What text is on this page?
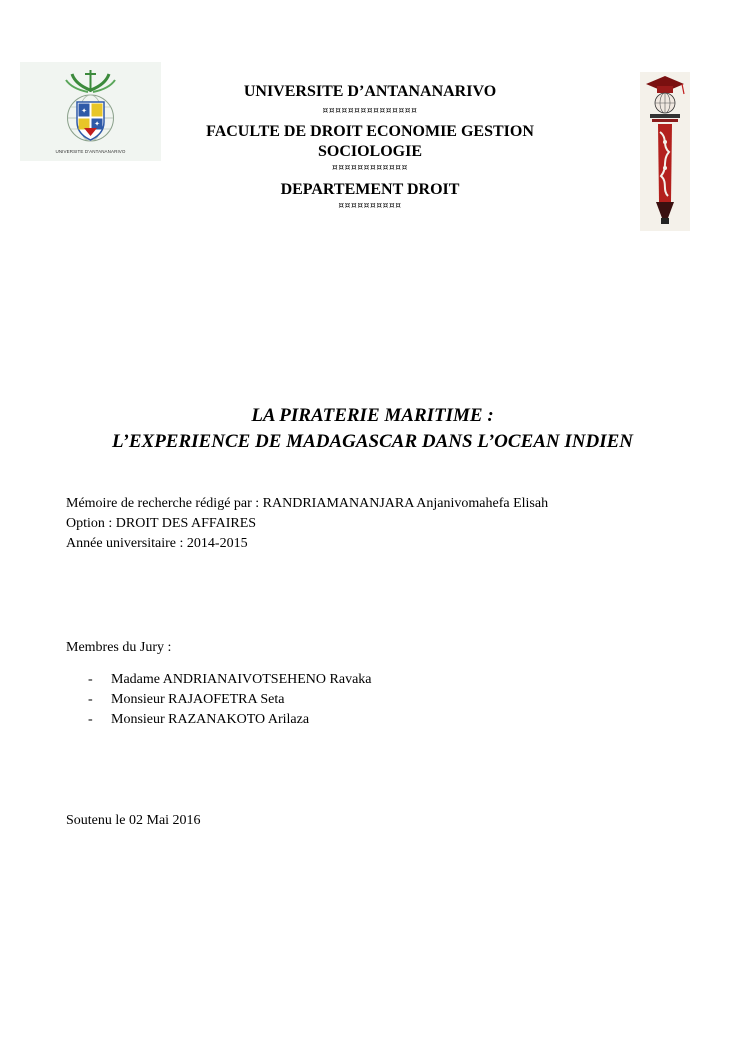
✦
✦
UNIVERSITE D'ANTANANARIVO
UNIVERSITE D’ANTANANARIVO
¤¤¤¤¤¤¤¤¤¤¤¤¤¤¤
FACULTE DE DROIT ECONOMIE GESTION
SOCIOLOGIE
¤¤¤¤¤¤¤¤¤¤¤¤
DEPARTEMENT DROIT
¤¤¤¤¤¤¤¤¤¤
LA PIRATERIE MARITIME :
L’EXPERIENCE DE MADAGASCAR DANS L’OCEAN INDIEN
Mémoire de recherche rédigé par : RANDRIAMANANJARA Anjanivomahefa Elisah
Option : DROIT DES AFFAIRES
Année universitaire : 2014-2015
Membres du Jury :
-	Madame ANDRIANAIVOTSEHENO Ravaka
-	Monsieur RAJAOFETRA Seta
-	Monsieur RAZANAKOTO Arilaza
Soutenu le 02 Mai 2016
